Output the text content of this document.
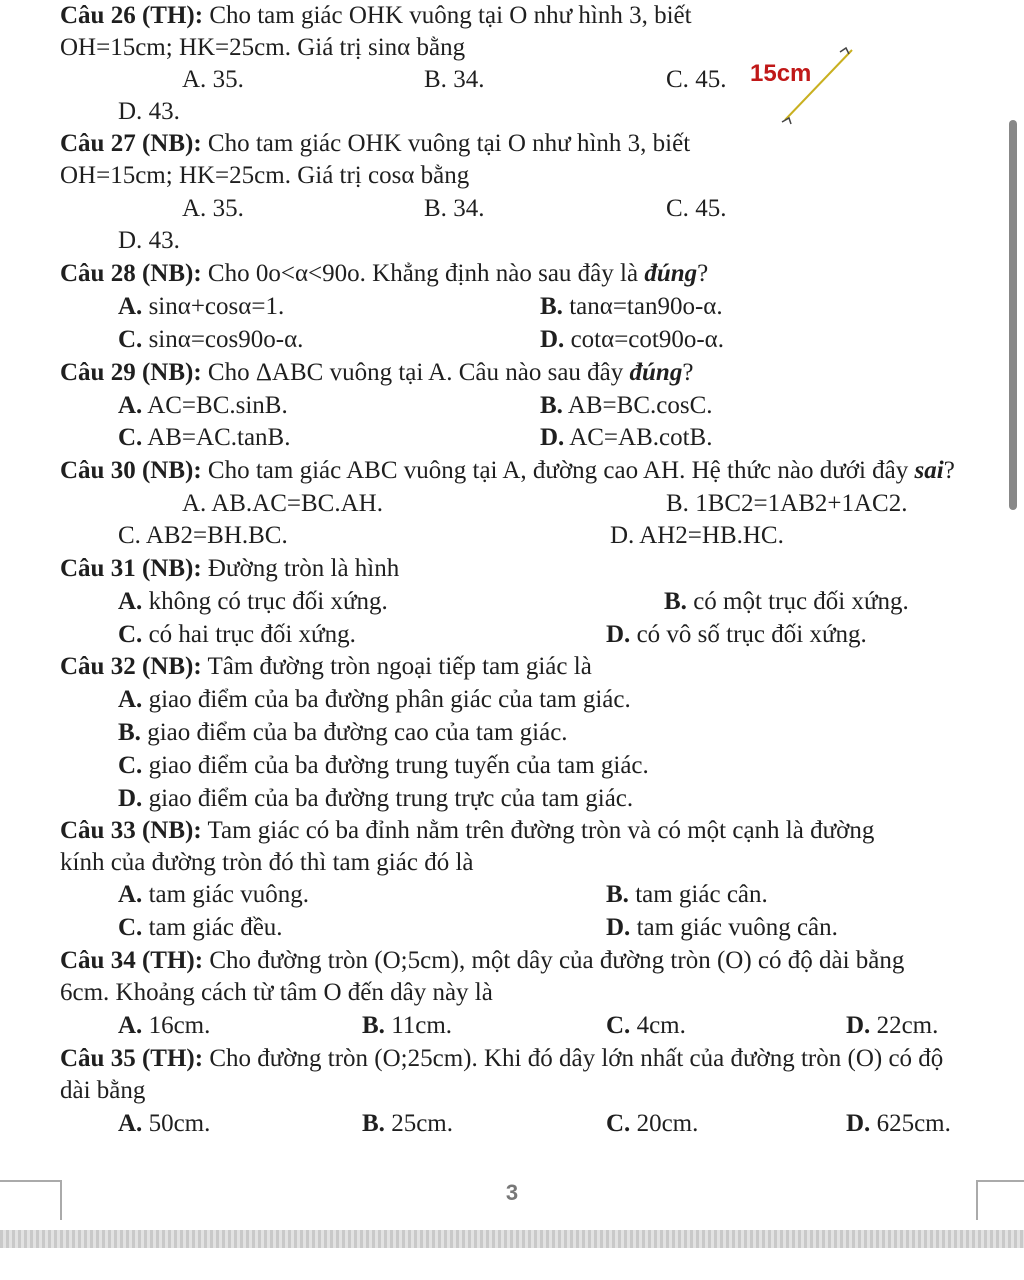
Câu 26 (TH): Cho tam giác OHK vuông tại O như hình 3, biết
OH=15cm; HK=25cm. Giá trị sinα bằng
A. 35.	B. 34.	C. 45.
D. 43.
15cm
Câu 27 (NB): Cho tam giác OHK vuông tại O như hình 3, biết
OH=15cm; HK=25cm. Giá trị cosα bằng
A. 35.	B. 34.	C. 45.
D. 43.
Câu 28 (NB): Cho 0o<α<90o. Khẳng định nào sau đây là đúng?
A. sinα+cosα=1.	B. tanα=tan90o-α.
C. sinα=cos90o-α.	D. cotα=cot90o-α.
Câu 29 (NB): Cho ΔABC vuông tại A. Câu nào sau đây đúng?
A. AC=BC.sinB.	B. AB=BC.cosC.
C. AB=AC.tanB.	D. AC=AB.cotB.
Câu 30 (NB): Cho tam giác ABC vuông tại A, đường cao AH. Hệ thức nào dưới đây sai?
A. AB.AC=BC.AH.	B. 1BC2=1AB2+1AC2.
C. AB2=BH.BC.	D. AH2=HB.HC.
Câu 31 (NB): Đường tròn là hình
A. không có trục đối xứng.	B. có một trục đối xứng.
C. có hai trục đối xứng.	D. có vô số trục đối xứng.
Câu 32 (NB): Tâm đường tròn ngoại tiếp tam giác là
A. giao điểm của ba đường phân giác của tam giác.
B. giao điểm của ba đường cao của tam giác.
C. giao điểm của ba đường trung tuyến của tam giác.
D. giao điểm của ba đường trung trực của tam giác.
Câu 33 (NB): Tam giác có ba đỉnh nằm trên đường tròn và có một cạnh là đường
kính của đường tròn đó thì tam giác đó là
A. tam giác vuông.	B. tam giác cân.
C. tam giác đều.	D. tam giác vuông cân.
Câu 34 (TH): Cho đường tròn (O;5cm), một dây của đường tròn (O) có độ dài bằng
6cm. Khoảng cách từ tâm O đến dây này là
A. 16cm.	B. 11cm.	C. 4cm.	D. 22cm.
Câu 35 (TH): Cho đường tròn (O;25cm). Khi đó dây lớn nhất của đường tròn (O) có độ
dài bằng
A. 50cm.	B. 25cm.	C. 20cm.	D. 625cm.
3
